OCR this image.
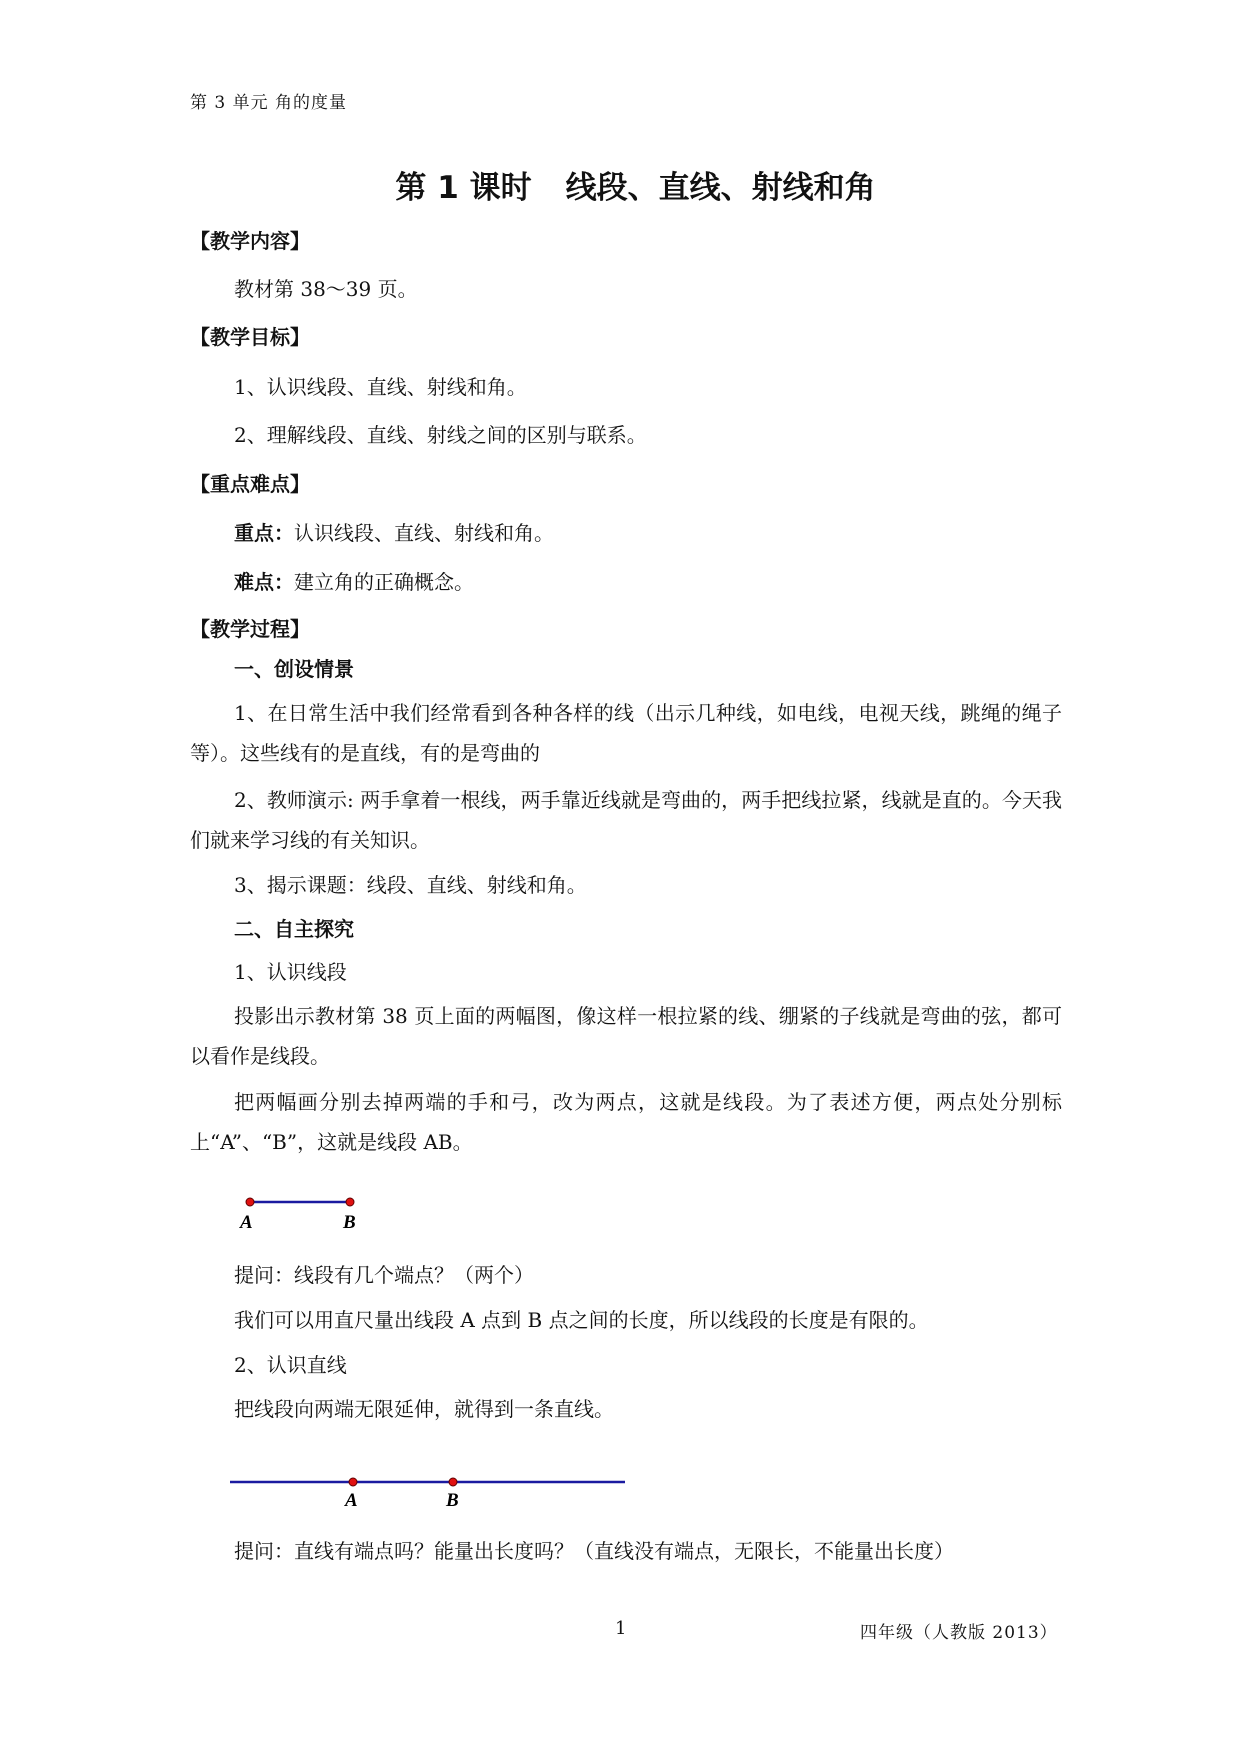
第 3 单元 角的度量
第 1 课时 线段、直线、射线和角
【教学内容】
教材第 38～39 页。
【教学目标】
1、认识线段、直线、射线和角。
2、理解线段、直线、射线之间的区别与联系。
【重点难点】
重点：认识线段、直线、射线和角。
难点：建立角的正确概念。
【教学过程】
一、创设情景
1、在日常生活中我们经常看到各种各样的线（出示几种线，如电线，电视天线，跳绳的绳子等）。这些线有的是直线，有的是弯曲的
2、教师演示: 两手拿着一根线，两手靠近线就是弯曲的，两手把线拉紧，线就是直的。今天我们就来学习线的有关知识。
3、揭示课题：线段、直线、射线和角。
二、自主探究
1、认识线段
投影出示教材第 38 页上面的两幅图，像这样一根拉紧的线、绷紧的子线就是弯曲的弦，都可以看作是线段。
把两幅画分别去掉两端的手和弓，改为两点，这就是线段。为了表述方便，两点处分别标上“A”、“B”，这就是线段 AB。
A	B
提问：线段有几个端点？（两个）
我们可以用直尺量出线段 A 点到 B 点之间的长度，所以线段的长度是有限的。
2、认识直线
把线段向两端无限延伸，就得到一条直线。
A	B
提问：直线有端点吗？能量出长度吗？（直线没有端点，无限长，不能量出长度）
1	四年级（人教版 2013）
